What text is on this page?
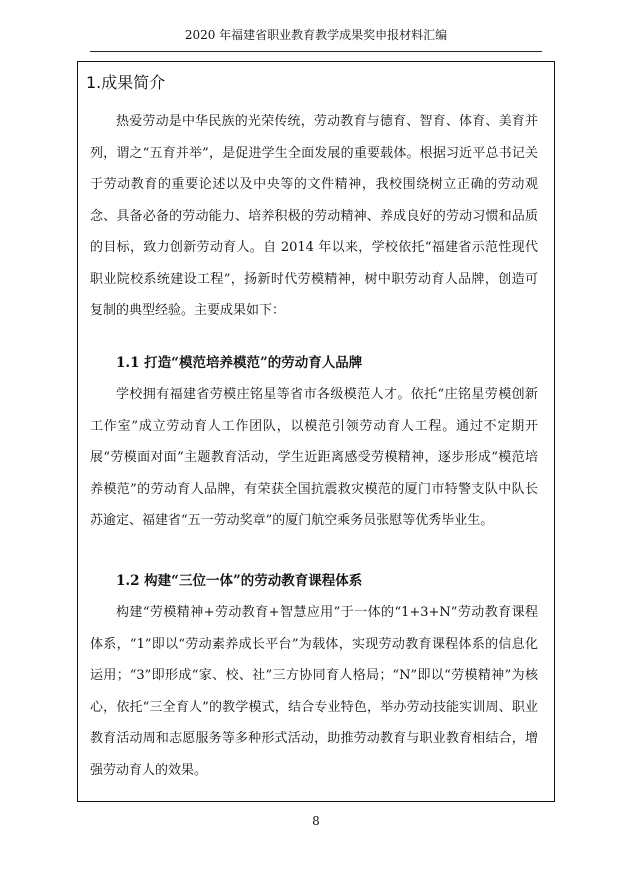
2020 年福建省职业教育教学成果奖申报材料汇编
1.成果简介

热爱劳动是中华民族的光荣传统，劳动教育与德育、智育、体育、美育并列，谓之“五育并举”，是促进学生全面发展的重要载体。根据习近平总书记关于劳动教育的重要论述以及中央等的文件精神，我校围绕树立正确的劳动观念、具备必备的劳动能力、培养积极的劳动精神、养成良好的劳动习惯和品质的目标，致力创新劳动育人。自 2014 年以来，学校依托“福建省示范性现代职业院校系统建设工程”，扬新时代劳模精神，树中职劳动育人品牌，创造可复制的典型经验。主要成果如下：

1.1 打造“模范培养模范”的劳动育人品牌

学校拥有福建省劳模庄铭星等省市各级模范人才。依托“庄铭星劳模创新工作室”成立劳动育人工作团队，以模范引领劳动育人工程。通过不定期开展“劳模面对面”主题教育活动，学生近距离感受劳模精神，逐步形成“模范培养模范”的劳动育人品牌，有荣获全国抗震救灾模范的厦门市特警支队中队长苏逾定、福建省“五一劳动奖章”的厦门航空乘务员张慰等优秀毕业生。

1.2 构建“三位一体”的劳动教育课程体系

构建“劳模精神+劳动教育+智慧应用”于一体的“1+3+N”劳动教育课程体系，“1”即以“劳动素养成长平台”为载体，实现劳动教育课程体系的信息化运用；“3”即形成“家、校、社”三方协同育人格局；“N”即以“劳模精神”为核心，依托“三全育人”的教学模式，结合专业特色，举办劳动技能实训周、职业教育活动周和志愿服务等多种形式活动，助推劳动教育与职业教育相结合，增强劳动育人的效果。

8
